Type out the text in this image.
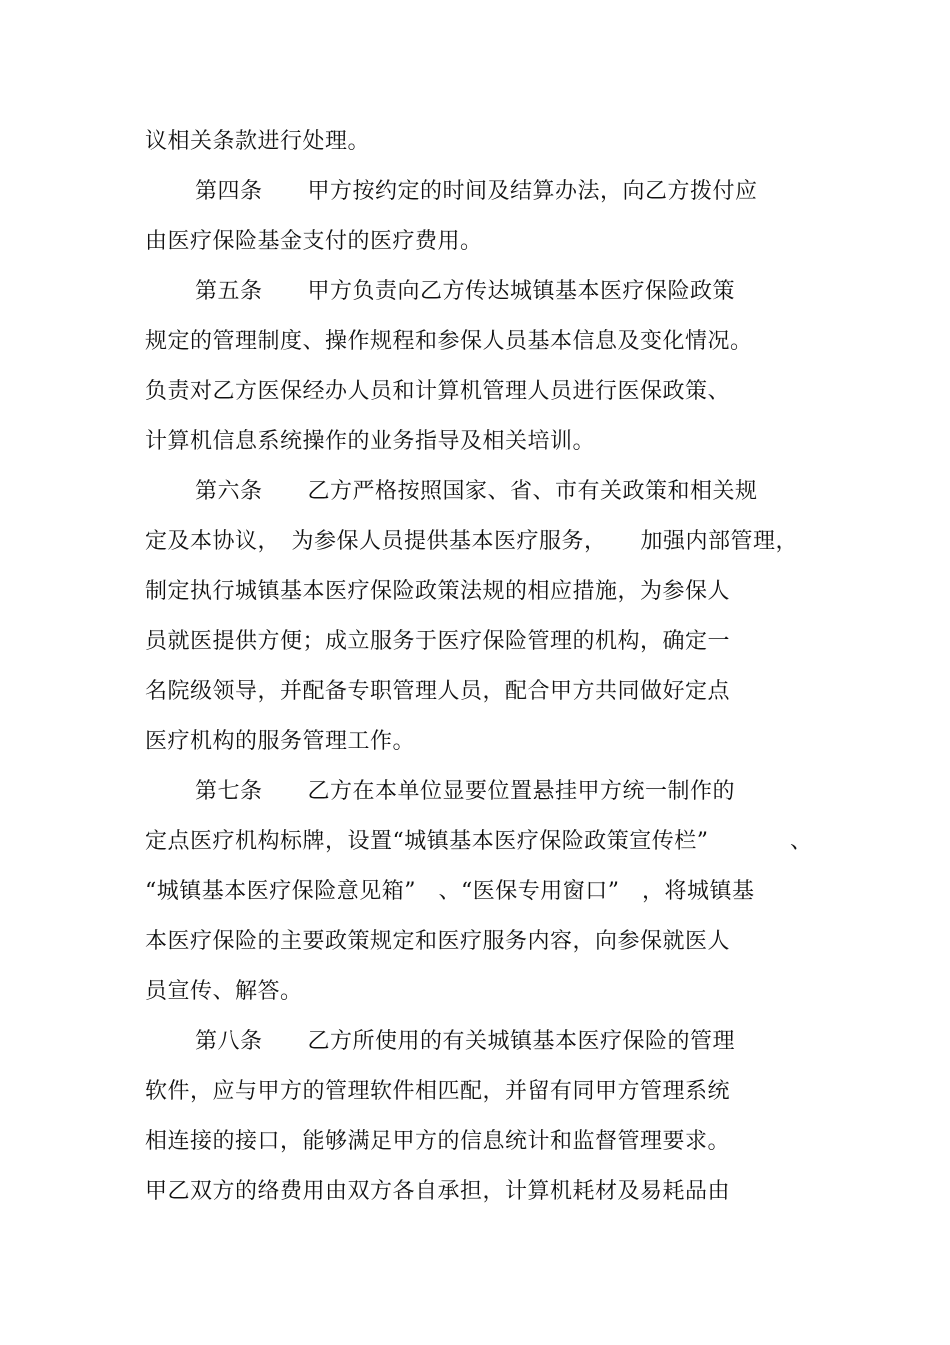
议相关条款进行处理。
第四条　　甲方按约定的时间及结算办法，向乙方拨付应
由医疗保险基金支付的医疗费用。
第五条　　甲方负责向乙方传达城镇基本医疗保险政策
规定的管理制度、操作规程和参保人员基本信息及变化情况。
负责对乙方医保经办人员和计算机管理人员进行医保政策、
计算机信息系统操作的业务指导及相关培训。
第六条　　乙方严格按照国家、省、市有关政策和相关规
定及本协议，　为参保人员提供基本医疗服务，　　加强内部管理，
制定执行城镇基本医疗保险政策法规的相应措施，为参保人
员就医提供方便；成立服务于医疗保险管理的机构，确定一
名院级领导，并配备专职管理人员，配合甲方共同做好定点
医疗机构的服务管理工作。
第七条　　乙方在本单位显要位置悬挂甲方统一制作的
定点医疗机构标牌，设置“城镇基本医疗保险政策宣传栏”	、
“城镇基本医疗保险意见箱”　、“医保专用窗口”　，将城镇基
本医疗保险的主要政策规定和医疗服务内容，向参保就医人
员宣传、解答。
第八条　　乙方所使用的有关城镇基本医疗保险的管理
软件，应与甲方的管理软件相匹配，并留有同甲方管理系统
相连接的接口，能够满足甲方的信息统计和监督管理要求。
甲乙双方的络费用由双方各自承担，计算机耗材及易耗品由
